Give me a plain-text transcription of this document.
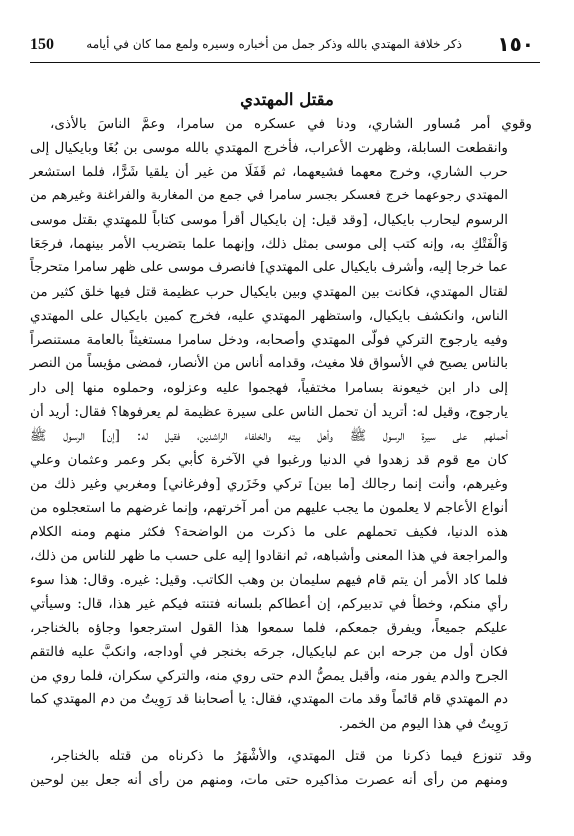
١٥٠
ذكر خلافة المهتدي بالله وذكر جمل من أخباره وسيره ولمع مما كان في أيامه
150
مقتل المهتدي
وقوي أمر مُساور الشاري، ودنا في عسكره من سامرا، وعمَّ الناسَ بالأذى،
وانقطعت السابلة، وظهرت الأعراب، فأخرج المهتدي بالله موسى بن بُغَا وبايكيال إلى
حرب الشاري، وخرج معهما فشيعهما، ثم قَفَلَا من غير أن يلقيا شَرًّا، فلما استشعر
المهتدي رجوعهما خرج فعسكر بجسر سامرا في جمع من المغاربة والفراغنة وغيرهم من
الرسوم ليحارب بايكيال، [وقد قيل: إن بايكيال أقرأ موسى كتاباً للمهتدي بقتل موسى
وَالْفَتْكِ به، وإنه كتب إلى موسى بمثل ذلك، وإنهما علما بتضريب الأمر بينهما، فرجَعَا
عما خرجا إليه، وأشرف بايكيال على المهتدي] فانصرف موسى على ظهر سامرا متحرجاً
لقتال المهتدي، فكانت بين المهتدي وبين بايكيال حرب عظيمة قتل فيها خلق كثير من
الناس، وانكشف بايكيال، واستظهر المهتدي عليه، فخرج كمين بايكيال على المهتدي
وفيه يارجوج التركي فولّى المهتدي وأصحابه، ودخل سامرا مستغيثاً بالعامة مستنصراً
بالناس يصيح في الأسواق فلا مغيث، وقدامه أناس من الأنصار، فمضى مؤيساً من النصر
إلى دار ابن خيعونة بسامرا مختفياً، فهجموا عليه وعزلوه، وحملوه منها إلى دار
يارجوج، وقيل له: أتريد أن تحمل الناس على سيرة عظيمة لم يعرفوها؟ فقال: أريد أن
أحملهم على سيرة الرسول ﷺ وأهل بيته والخلفاء الراشدين، فقيل له: [إن] الرسول ﷺ
كان مع قوم قد زهدوا في الدنيا ورغبوا في الآخرة كأبي بكر وعمر وعثمان وعلي
وغيرهم، وأنت إنما رجالك [ما بين] تركي وخَزَري [وفرغاني] ومغربي وغير ذلك من
أنواع الأعاجم لا يعلمون ما يجب عليهم من أمر آخرتهم، وإنما غرضهم ما استعجلوه من
هذه الدنيا، فكيف تحملهم على ما ذكرت من الواضحة؟ فكثر منهم ومنه الكلام
والمراجعة في هذا المعنى وأشباهه، ثم انقادوا إليه على حسب ما ظهر للناس من ذلك،
فلما كاد الأمر أن يتم قام فيهم سليمان بن وهب الكاتب. وقيل: غيره. وقال: هذا سوء
رأي منكم، وخطأ في تدبيركم، إن أعطاكم بلسانه فتنته فيكم غير هذا، قال: وسيأتي
عليكم جميعاً، ويفرق جمعكم، فلما سمعوا هذا القول استرجعوا وجاؤه بالخناجر،
فكان أول من جرحه ابن عم لبايكيال، جرحَه بخنجر في أوداجه، وانكبَّ عليه فالتقم
الجرح والدم يفور منه، وأقبل يمصُّ الدم حتى روي منه، والتركي سكران، فلما روي من
دم المهتدي قام قائماً وقد مات المهتدي، فقال: يا أصحابنا قد رَوِيتُ من دم المهتدي كما
رَوِيتُ في هذا اليوم من الخمر.
وقد تنوزع فيما ذكرنا من قتل المهتدي، والأشْهَرُ ما ذكرناه من قتله بالخناجر،
ومنهم من رأى أنه عصرت مذاكيره حتى مات، ومنهم من رأى أنه جعل بين لوحين
